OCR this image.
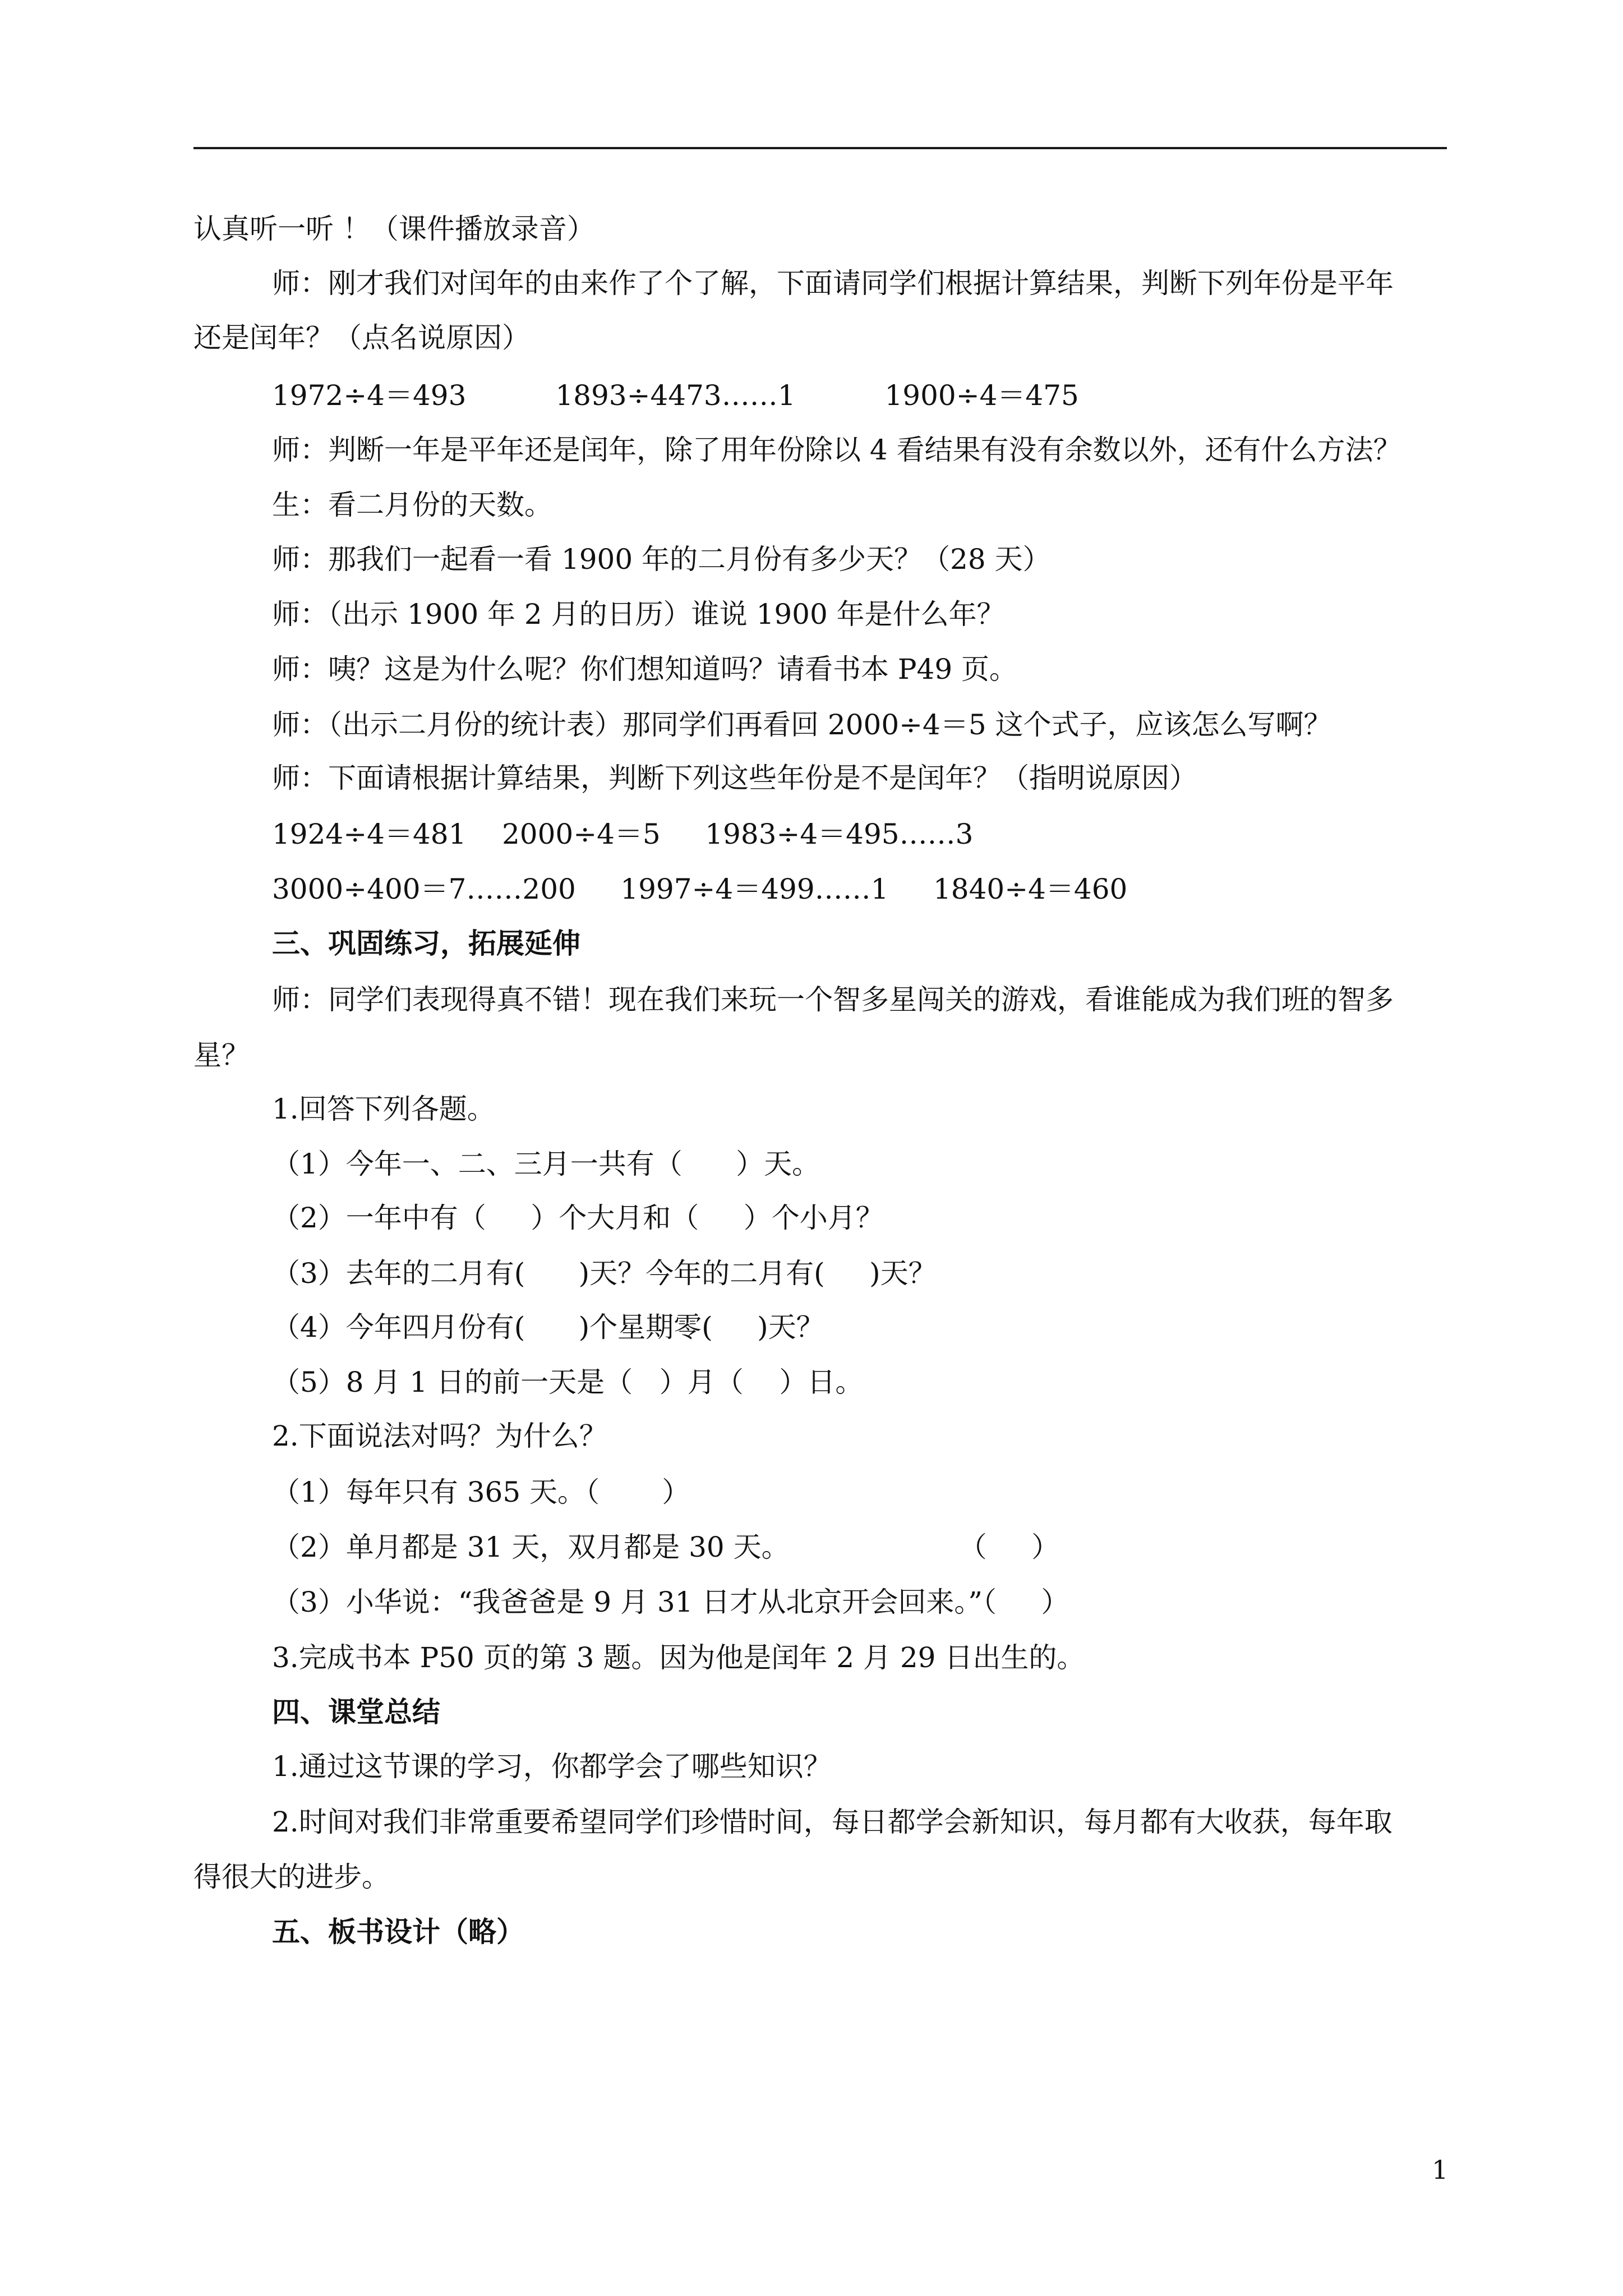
认真听一听 ！（课件播放录音）
师：刚才我们对闰年的由来作了个了解，下面请同学们根据计算结果，判断下列年份是平年
还是闰年？（点名说原因）
1972÷4＝493          1893÷4473……1          1900÷4＝475
师：判断一年是平年还是闰年，除了用年份除以 4 看结果有没有余数以外，还有什么方法？
生：看二月份的天数。
师：那我们一起看一看 1900 年的二月份有多少天？（28 天）
师：（出示 1900 年 2 月的日历）谁说 1900 年是什么年？
师：咦？这是为什么呢？你们想知道吗？请看书本 P49 页。
师：（出示二月份的统计表）那同学们再看回 2000÷4＝5 这个式子，应该怎么写啊？
师：下面请根据计算结果，判断下列这些年份是不是闰年？（指明说原因）
1924÷4＝481    2000÷4＝5     1983÷4＝495……3
3000÷400＝7……200     1997÷4＝499……1     1840÷4＝460
三、巩固练习，拓展延伸
师：同学们表现得真不错！现在我们来玩一个智多星闯关的游戏，看谁能成为我们班的智多
星？
1.回答下列各题。
（1）今年一、二、三月一共有（      ）天。
（2）一年中有（     ）个大月和（     ）个小月？
（3）去年的二月有(      )天？今年的二月有(     )天？
（4）今年四月份有(      )个星期零(     )天？
（5）8 月 1 日的前一天是（   ）月（    ）日。
2.下面说法对吗？为什么？
（1）每年只有 365 天。（       ）
（2）单月都是 31 天，双月都是 30 天。                   （     ）
（3）小华说：“我爸爸是 9 月 31 日才从北京开会回来。”（     ）
3.完成书本 P50 页的第 3 题。因为他是闰年 2 月 29 日出生的。
四、课堂总结
1.通过这节课的学习，你都学会了哪些知识？
2.时间对我们非常重要希望同学们珍惜时间，每日都学会新知识，每月都有大收获，每年取
得很大的进步。
五、板书设计（略）
1
